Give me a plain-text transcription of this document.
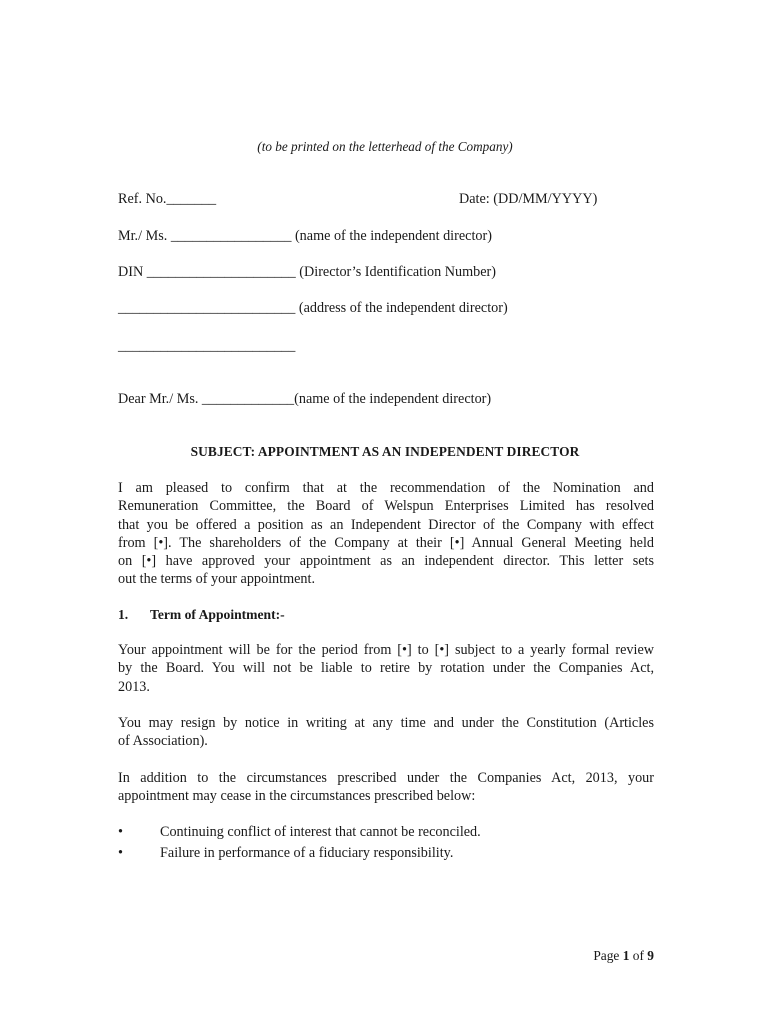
(to be printed on the letterhead of the Company)
Ref. No._______	Date: (DD/MM/YYYY)
Mr./ Ms. _________________ (name of the independent director)
DIN _____________________ (Director’s Identification Number)
_________________________ (address of the independent director)
_________________________
Dear Mr./ Ms. _____________(name of the independent director)
SUBJECT: APPOINTMENT AS AN INDEPENDENT DIRECTOR
I am pleased to confirm that at the recommendation of the Nomination and
Remuneration Committee, the Board of Welspun Enterprises Limited has resolved
that you be offered a position as an Independent Director of the Company with effect
from [•]. The shareholders of the Company at their [•] Annual General Meeting held
on [•] have approved your appointment as an independent director. This letter sets
out the terms of your appointment.
1. Term of Appointment:-
Your appointment will be for the period from [•] to [•] subject to a yearly formal review
by the Board. You will not be liable to retire by rotation under the Companies Act,
2013.
You may resign by notice in writing at any time and under the Constitution (Articles
of Association).
In addition to the circumstances prescribed under the Companies Act, 2013, your
appointment may cease in the circumstances prescribed below:
•	Continuing conflict of interest that cannot be reconciled.
•	Failure in performance of a fiduciary responsibility.
Page 1 of 9
